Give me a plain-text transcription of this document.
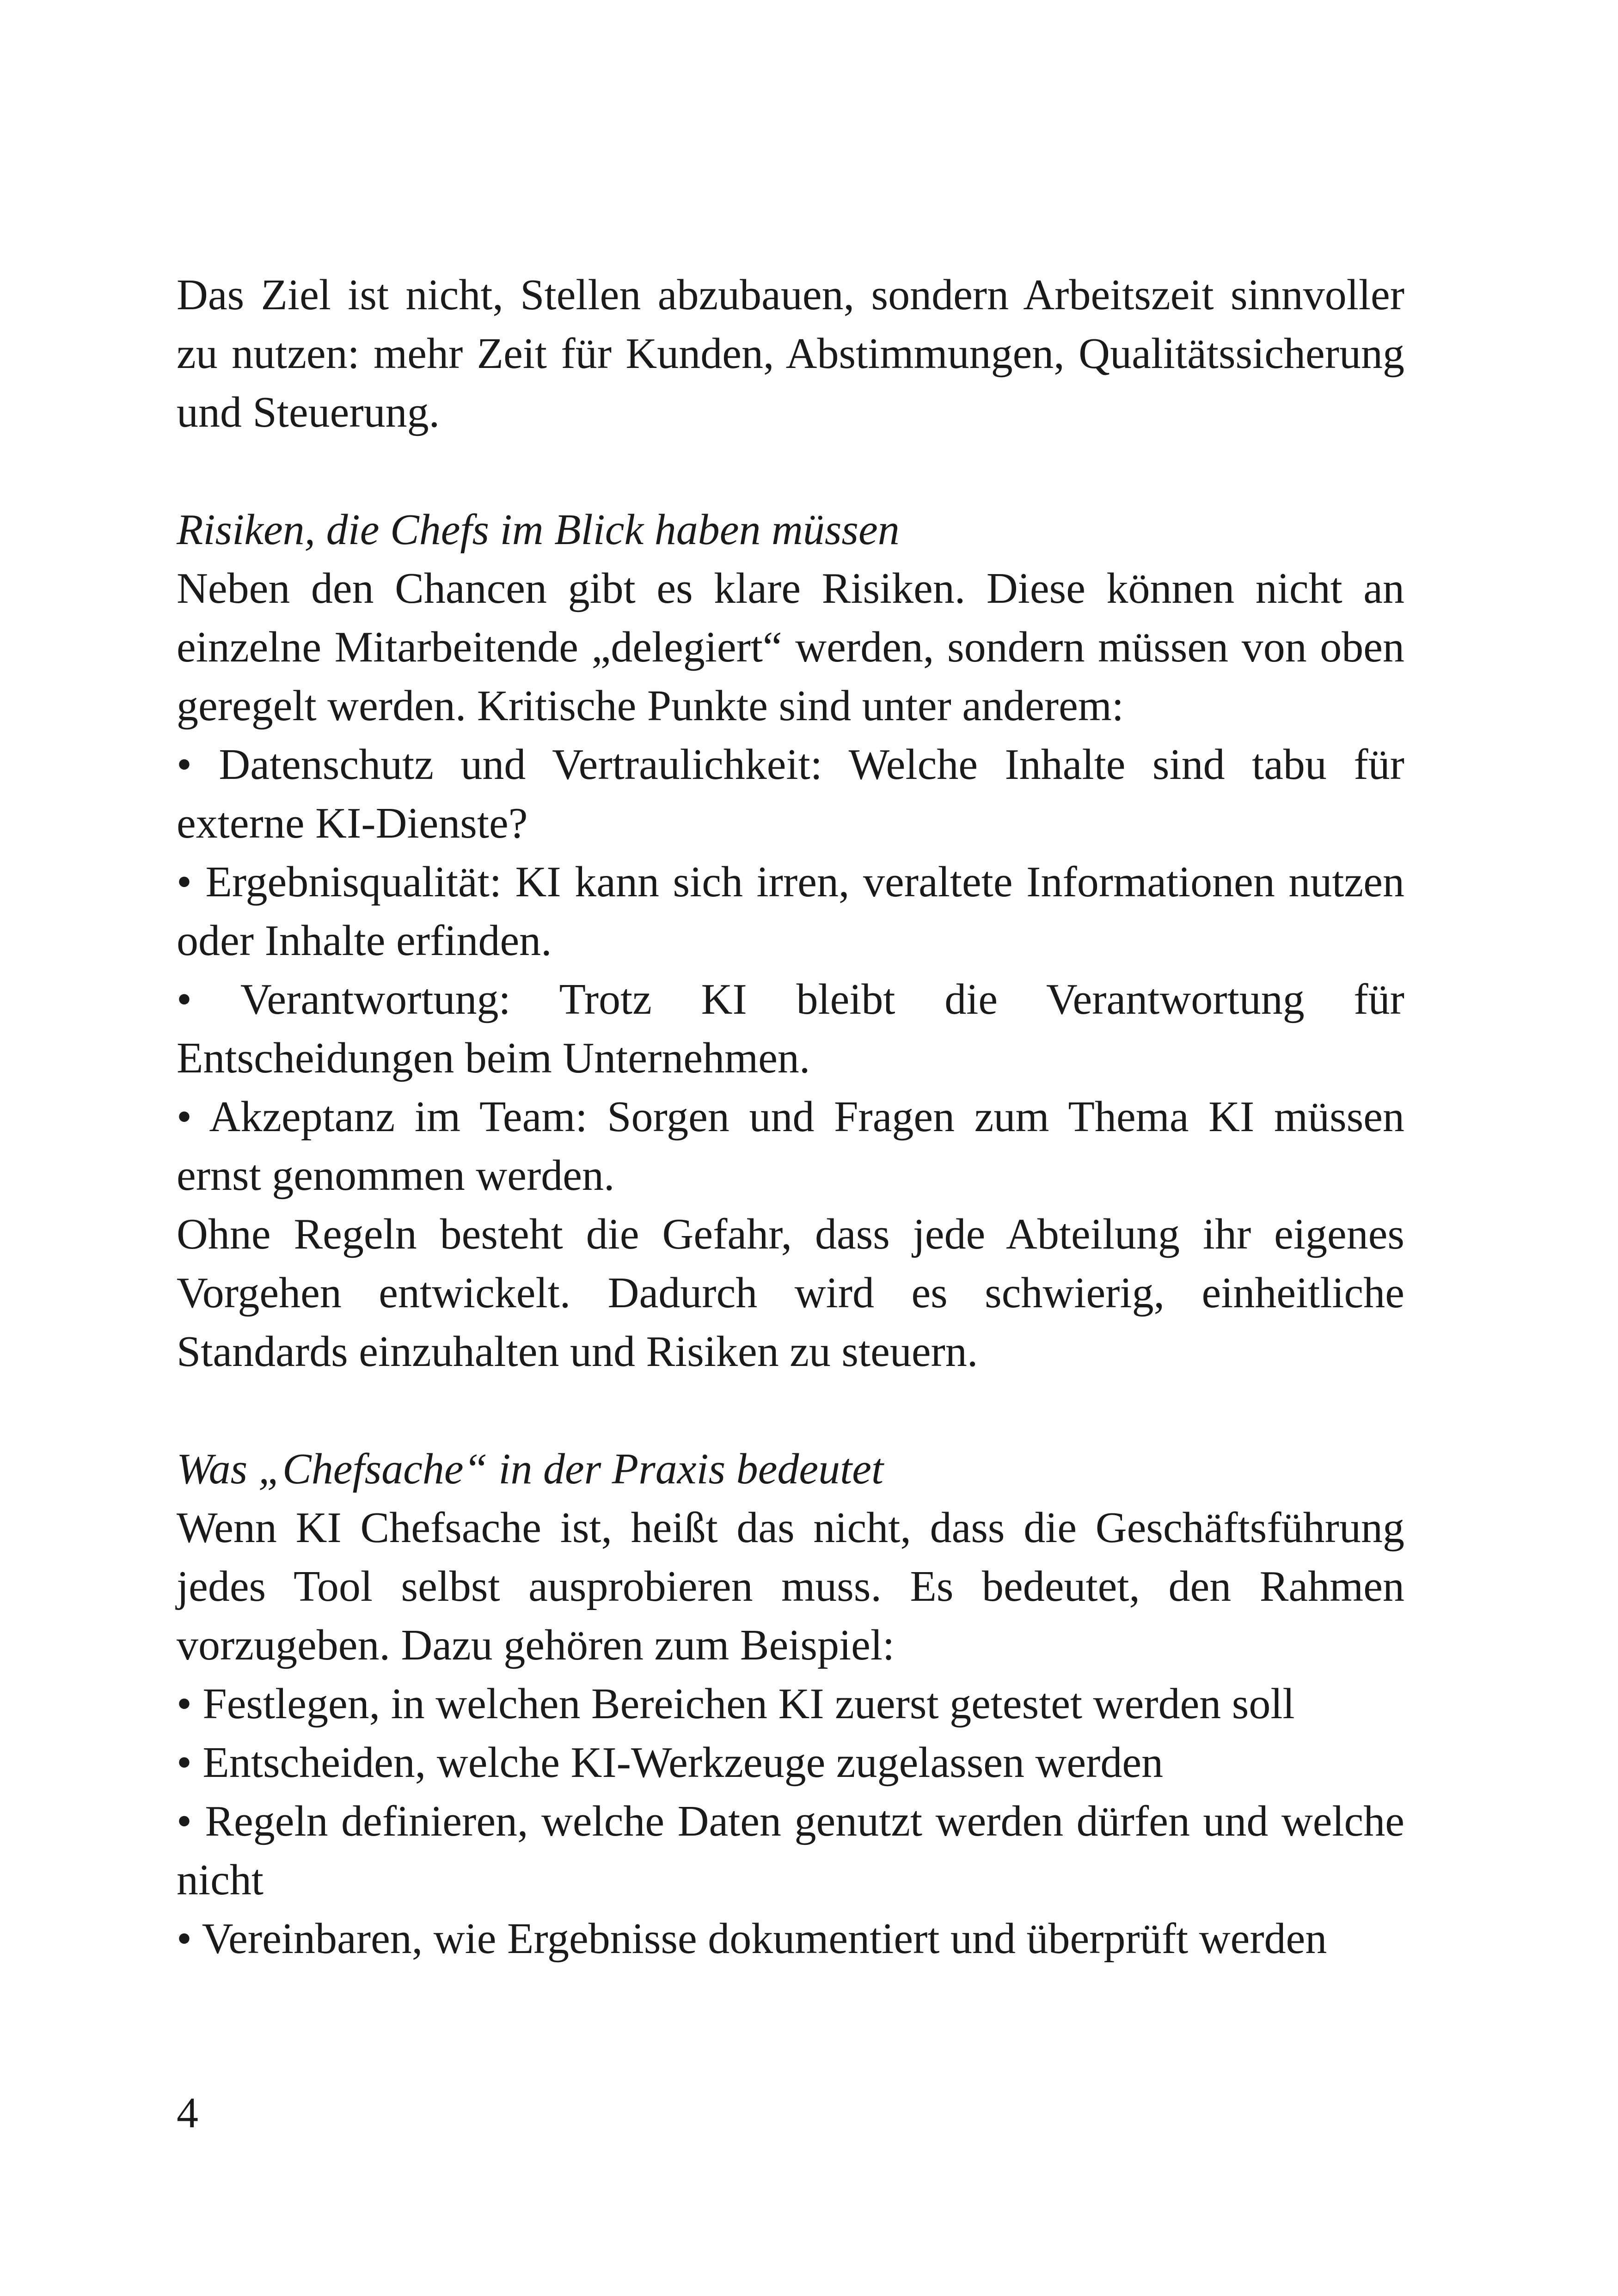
Das Ziel ist nicht, Stellen abzubauen, sondern Arbeitszeit sinnvoller zu nutzen: mehr Zeit für Kunden, Abstimmungen, Qualitätssicherung und Steuerung.

Risiken, die Chefs im Blick haben müssen

Neben den Chancen gibt es klare Risiken. Diese können nicht an einzelne Mitarbeitende „delegiert“ werden, sondern müssen von oben geregelt werden. Kritische Punkte sind unter anderem:

• Datenschutz und Vertraulichkeit: Welche Inhalte sind tabu für externe KI-Dienste?

• Ergebnisqualität: KI kann sich irren, veraltete Informationen nutzen oder Inhalte erfinden.

• Verantwortung: Trotz KI bleibt die Verantwortung für Entscheidungen beim Unternehmen.

• Akzeptanz im Team: Sorgen und Fragen zum Thema KI müssen ernst genommen werden.

Ohne Regeln besteht die Gefahr, dass jede Abteilung ihr eigenes Vorgehen entwickelt. Dadurch wird es schwierig, einheitliche Standards einzuhalten und Risiken zu steuern.

Was „Chefsache“ in der Praxis bedeutet

Wenn KI Chefsache ist, heißt das nicht, dass die Geschäftsführung jedes Tool selbst ausprobieren muss. Es bedeutet, den Rahmen vorzugeben. Dazu gehören zum Beispiel:

• Festlegen, in welchen Bereichen KI zuerst getestet werden soll

• Entscheiden, welche KI-Werkzeuge zugelassen werden

• Regeln definieren, welche Daten genutzt werden dürfen und welche nicht

• Vereinbaren, wie Ergebnisse dokumentiert und überprüft werden

4
